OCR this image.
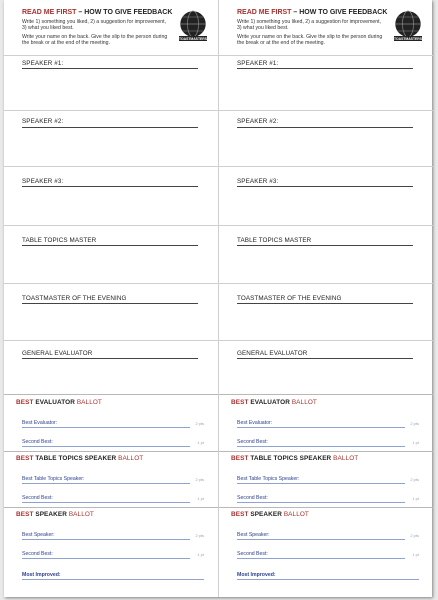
READ ME FIRST – HOW TO GIVE FEEDBACK
Write 1) something you liked, 2) a suggestion for improvement, 3) what you liked best.
Write your name on the back. Give the slip to the person during the break or at the end of the meeting.
TOASTMASTERS
SPEAKER #1:
SPEAKER #2:
SPEAKER #3:
TABLE TOPICS MASTER
TOASTMASTER OF THE EVENING
GENERAL EVALUATOR
BEST EVALUATOR BALLOT
Best Evaluator:	2 pts
Second Best:	1 pt
BEST TABLE TOPICS SPEAKER BALLOT
Best Table Topics Speaker:	2 pts
Second Best:	1 pt
BEST SPEAKER BALLOT
Best Speaker:	2 pts
Second Best:	1 pt
Most Improved:
READ ME FIRST – HOW TO GIVE FEEDBACK
Write 1) something you liked, 2) a suggestion for improvement, 3) what you liked best.
Write your name on the back. Give the slip to the person during the break or at the end of the meeting.
TOASTMASTERS
SPEAKER #1:
SPEAKER #2:
SPEAKER #3:
TABLE TOPICS MASTER
TOASTMASTER OF THE EVENING
GENERAL EVALUATOR
BEST EVALUATOR BALLOT
Best Evaluator:	2 pts
Second Best:	1 pt
BEST TABLE TOPICS SPEAKER BALLOT
Best Table Topics Speaker:	2 pts
Second Best:	1 pt
BEST SPEAKER BALLOT
Best Speaker:	2 pts
Second Best:	1 pt
Most Improved:
